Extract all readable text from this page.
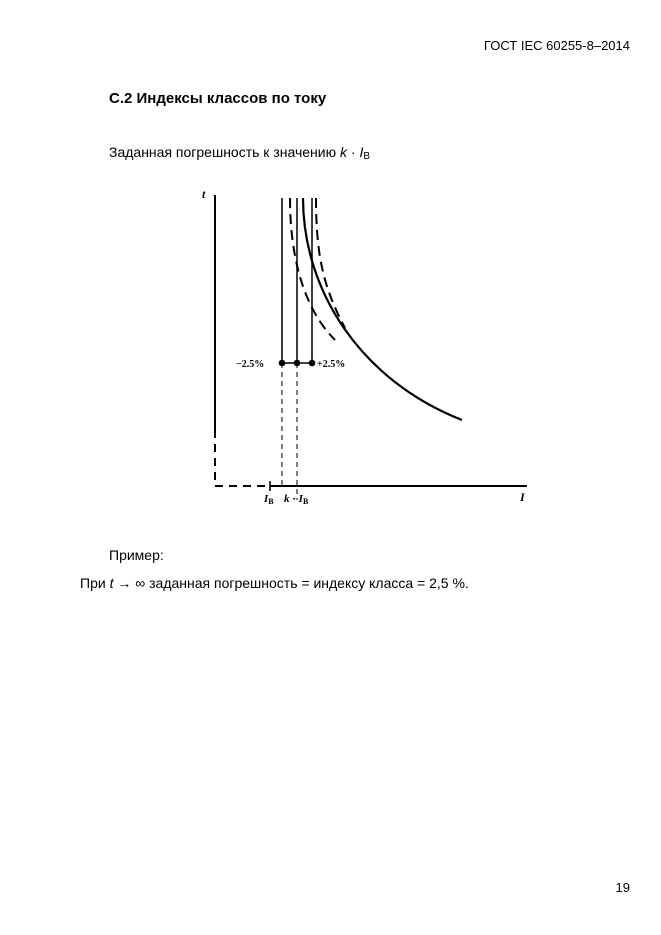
ГОСТ IEC 60255-8–2014
С.2 Индексы классов по току
Заданная погрешность к значению k · IB
t
I
−2.5%	+2.5%
IB k · IB
Пример:
При t → ∞ заданная погрешность = индексу класса = 2,5 %.
19
